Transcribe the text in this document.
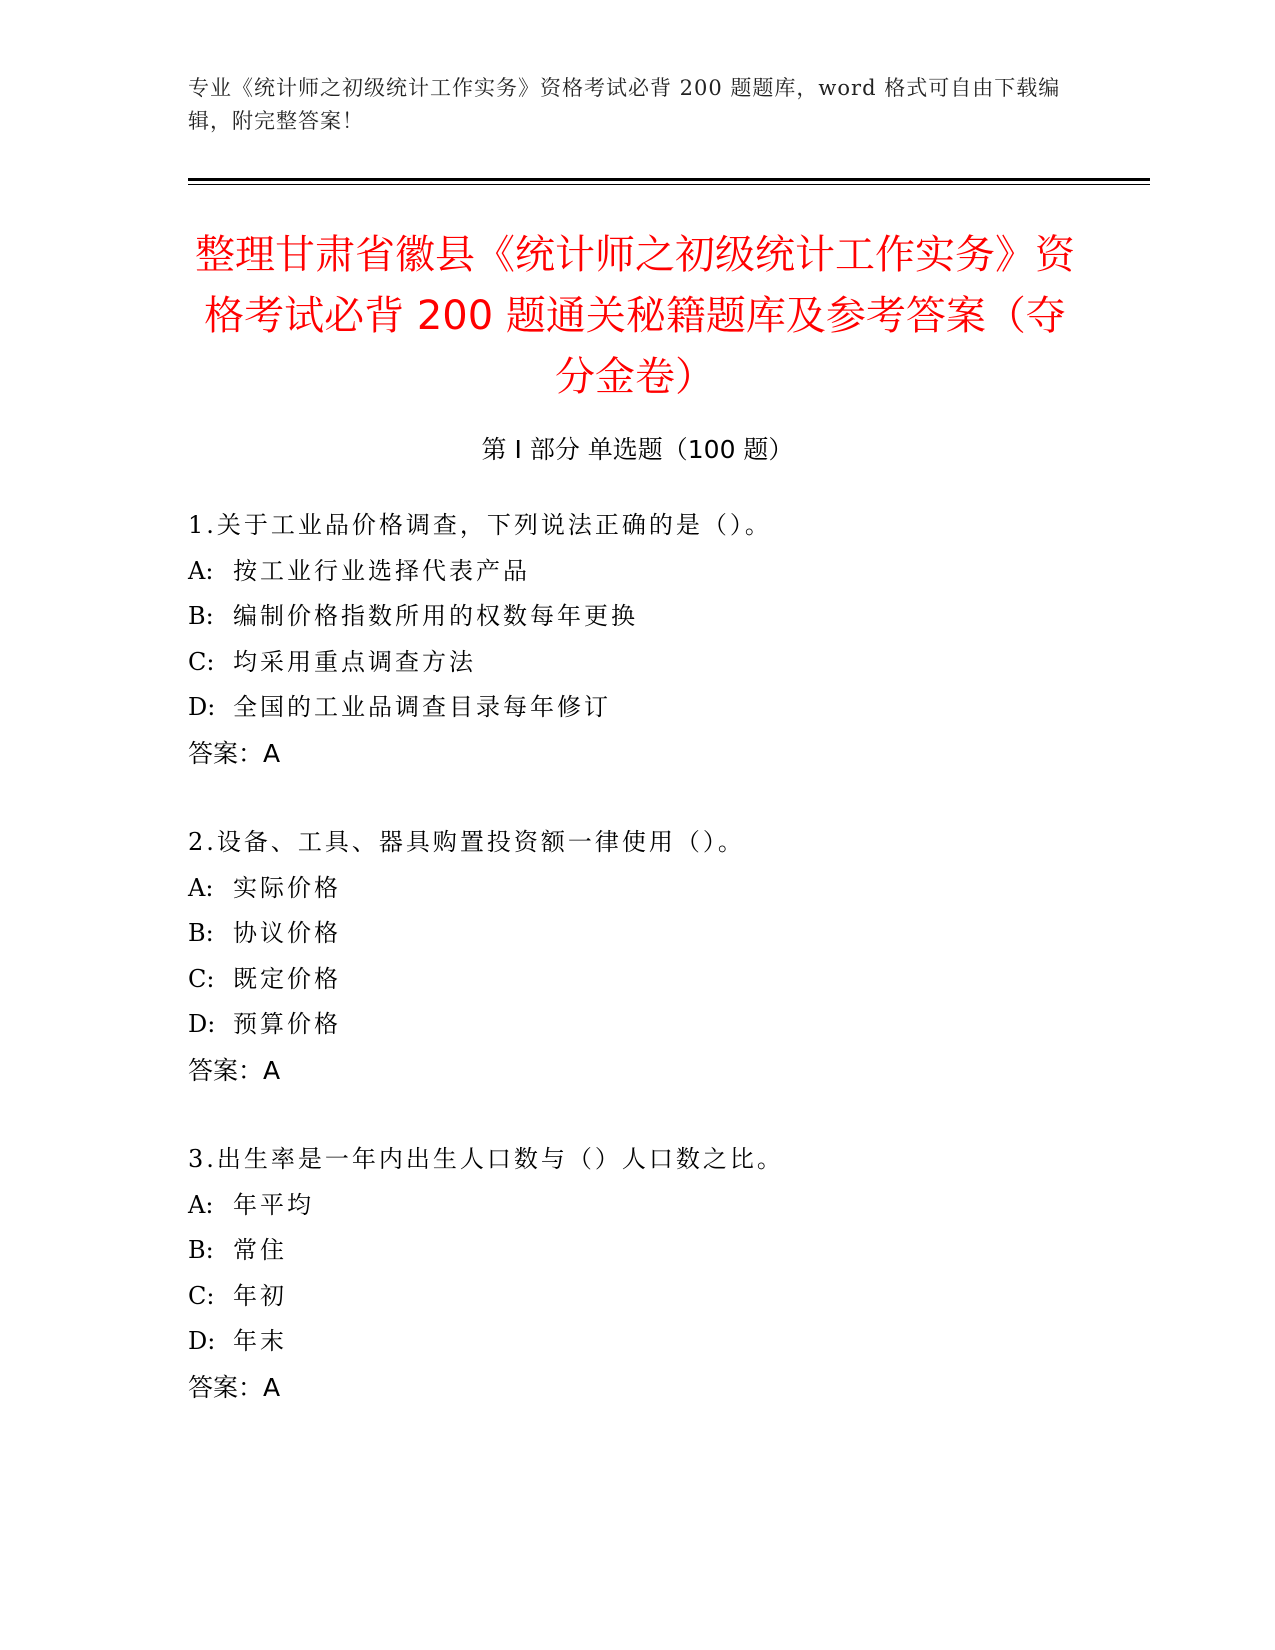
专业《统计师之初级统计工作实务》资格考试必背 200 题题库，word 格式可自由下载编辑，附完整答案！
整理甘肃省徽县《统计师之初级统计工作实务》资格考试必背 200 题通关秘籍题库及参考答案（夺分金卷）
第 I 部分 单选题（100 题）
1.关于工业品价格调查，下列说法正确的是（）。
A: 按工业行业选择代表产品
B: 编制价格指数所用的权数每年更换
C: 均采用重点调查方法
D: 全国的工业品调查目录每年修订
答案：A
2.设备、工具、器具购置投资额一律使用（）。
A: 实际价格
B: 协议价格
C: 既定价格
D: 预算价格
答案：A
3.出生率是一年内出生人口数与（）人口数之比。
A: 年平均
B: 常住
C: 年初
D: 年末
答案：A
